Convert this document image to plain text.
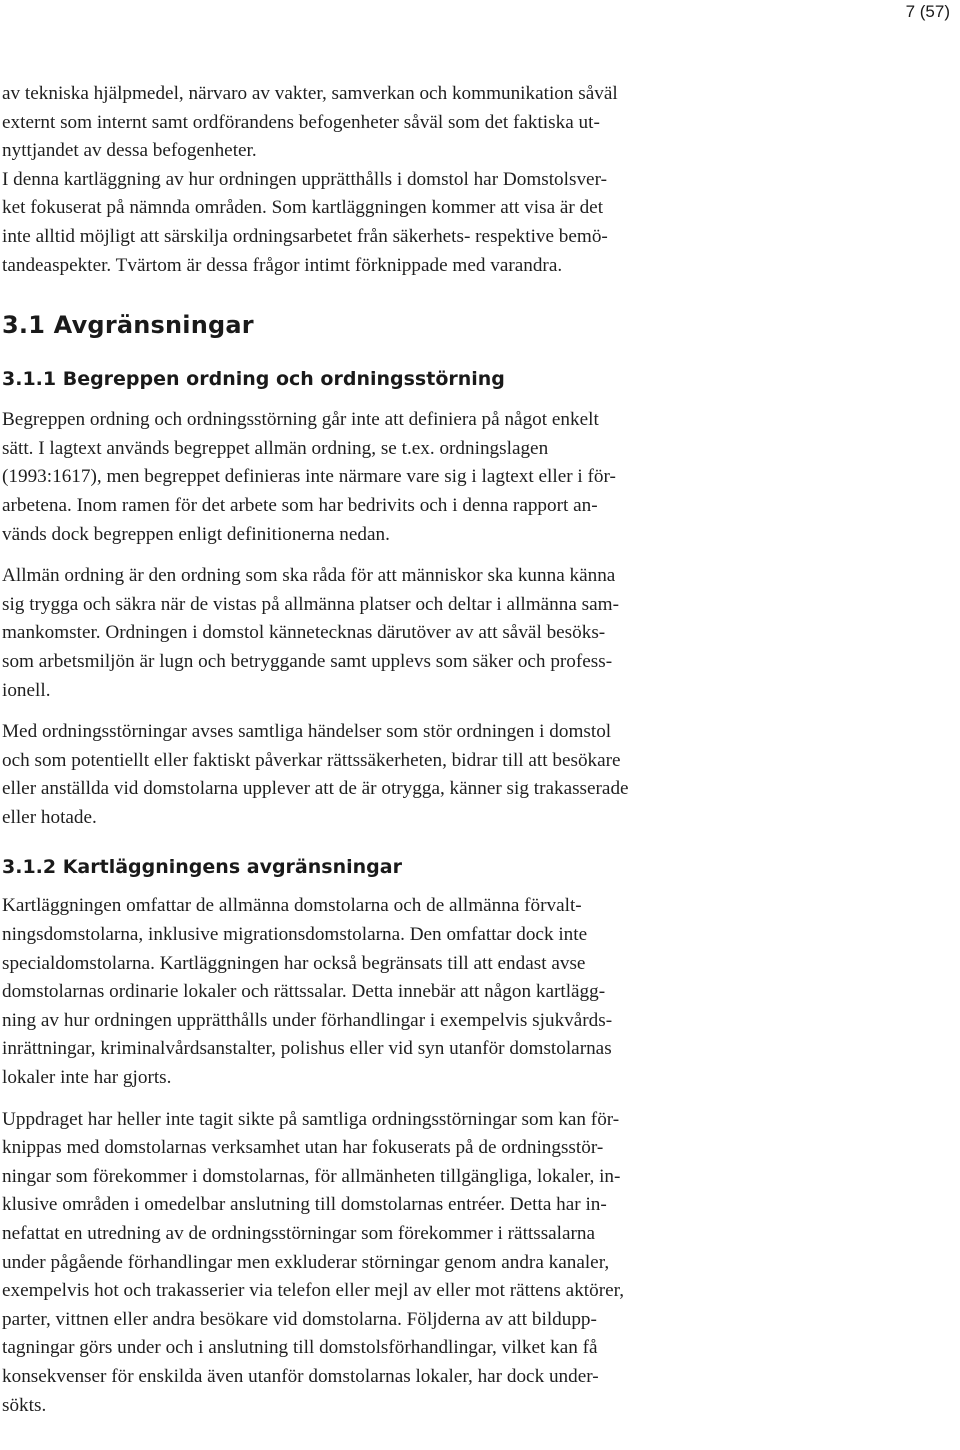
7 (57)

av tekniska hjälpmedel, närvaro av vakter, samverkan och kommunikation såväl
externt som internt samt ordförandens befogenheter såväl som det faktiska ut-
nyttjandet av dessa befogenheter.

I denna kartläggning av hur ordningen upprätthålls i domstol har Domstolsver-
ket fokuserat på nämnda områden. Som kartläggningen kommer att visa är det
inte alltid möjligt att särskilja ordningsarbetet från säkerhets- respektive bemö-
tandeaspekter. Tvärtom är dessa frågor intimt förknippade med varandra.

3.1 Avgränsningar
3.1.1 Begreppen ordning och ordningsstörning

Begreppen ordning och ordningsstörning går inte att definiera på något enkelt
sätt. I lagtext används begreppet allmän ordning, se t.ex. ordningslagen
(1993:1617), men begreppet definieras inte närmare vare sig i lagtext eller i för-
arbetena. Inom ramen för det arbete som har bedrivits och i denna rapport an-
vänds dock begreppen enligt definitionerna nedan.

Allmän ordning är den ordning som ska råda för att människor ska kunna känna
sig trygga och säkra när de vistas på allmänna platser och deltar i allmänna sam-
mankomster. Ordningen i domstol kännetecknas därutöver av att såväl besöks-
som arbetsmiljön är lugn och betryggande samt upplevs som säker och profess-
ionell.

Med ordningsstörningar avses samtliga händelser som stör ordningen i domstol
och som potentiellt eller faktiskt påverkar rättssäkerheten, bidrar till att besökare
eller anställda vid domstolarna upplever att de är otrygga, känner sig trakasserade
eller hotade.

3.1.2 Kartläggningens avgränsningar

Kartläggningen omfattar de allmänna domstolarna och de allmänna förvalt-
ningsdomstolarna, inklusive migrationsdomstolarna. Den omfattar dock inte
specialdomstolarna. Kartläggningen har också begränsats till att endast avse
domstolarnas ordinarie lokaler och rättssalar. Detta innebär att någon kartlägg-
ning av hur ordningen upprätthålls under förhandlingar i exempelvis sjukvårds-
inrättningar, kriminalvårdsanstalter, polishus eller vid syn utanför domstolarnas
lokaler inte har gjorts.

Uppdraget har heller inte tagit sikte på samtliga ordningsstörningar som kan för-
knippas med domstolarnas verksamhet utan har fokuserats på de ordningsstör-
ningar som förekommer i domstolarnas, för allmänheten tillgängliga, lokaler, in-
klusive områden i omedelbar anslutning till domstolarnas entréer. Detta har in-
nefattat en utredning av de ordningsstörningar som förekommer i rättssalarna
under pågående förhandlingar men exkluderar störningar genom andra kanaler,
exempelvis hot och trakasserier via telefon eller mejl av eller mot rättens aktörer,
parter, vittnen eller andra besökare vid domstolarna. Följderna av att bildupp-
tagningar görs under och i anslutning till domstolsförhandlingar, vilket kan få
konsekvenser för enskilda även utanför domstolarnas lokaler, har dock under-
sökts.
